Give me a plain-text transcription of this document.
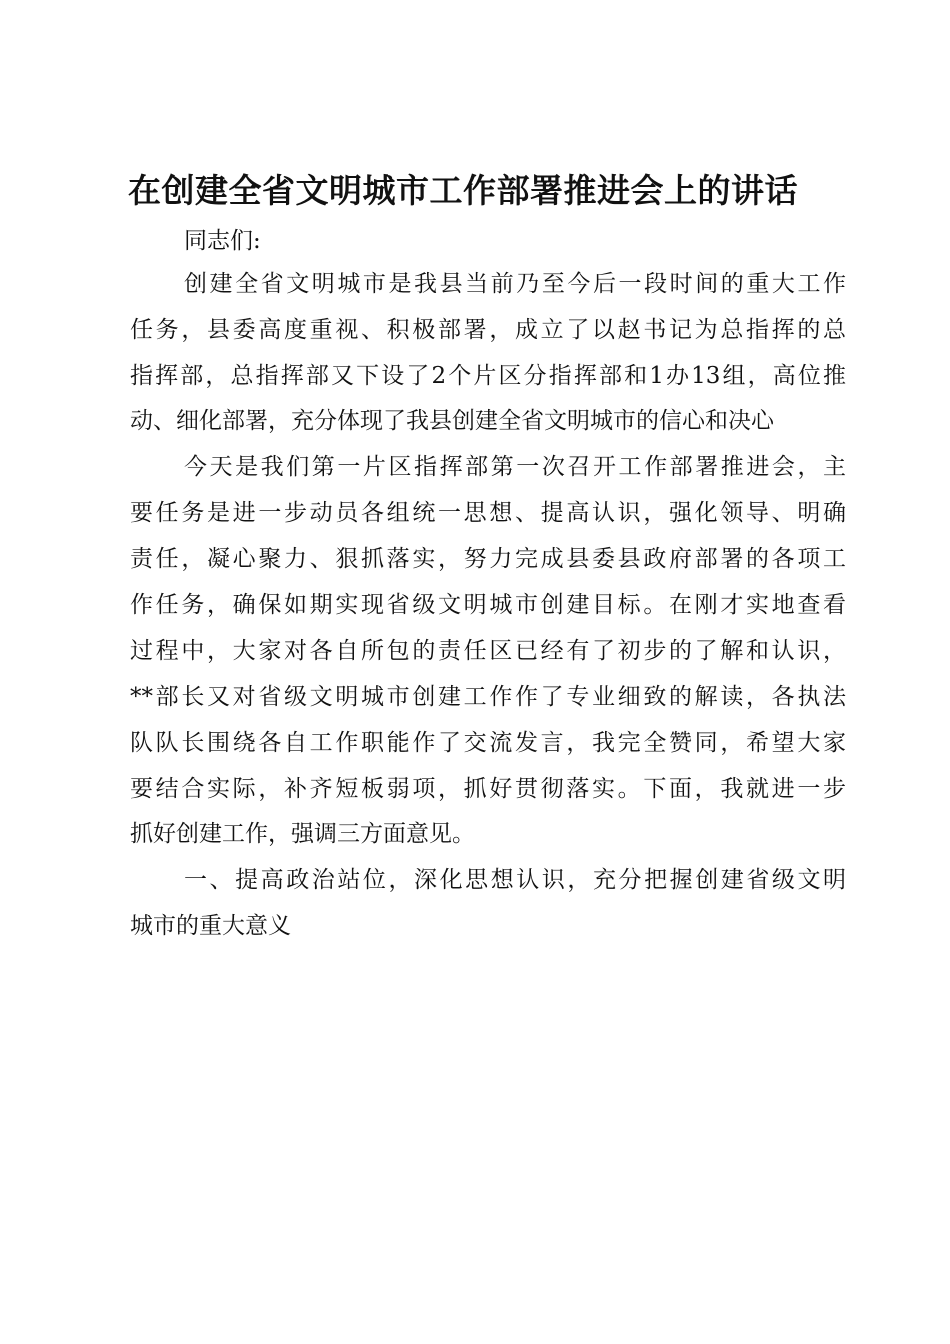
在创建全省文明城市工作部署推进会上的讲话

同志们:

创建全省文明城市是我县当前乃至今后一段时间的重大工作

任务，县委高度重视、积极部署，成立了以赵书记为总指挥的总

指挥部，总指挥部又下设了2个片区分指挥部和1办13组，高位推

动、细化部署，充分体现了我县创建全省文明城市的信心和决心

今天是我们第一片区指挥部第一次召开工作部署推进会，主

要任务是进一步动员各组统一思想、提高认识，强化领导、明确

责任，凝心聚力、狠抓落实，努力完成县委县政府部署的各项工

作任务，确保如期实现省级文明城市创建目标。在刚才实地查看

过程中，大家对各自所包的责任区已经有了初步的了解和认识，

**部长又对省级文明城市创建工作作了专业细致的解读，各执法

队队长围绕各自工作职能作了交流发言，我完全赞同，希望大家

要结合实际，补齐短板弱项，抓好贯彻落实。下面，我就进一步

抓好创建工作，强调三方面意见。

一、提高政治站位，深化思想认识，充分把握创建省级文明

城市的重大意义
